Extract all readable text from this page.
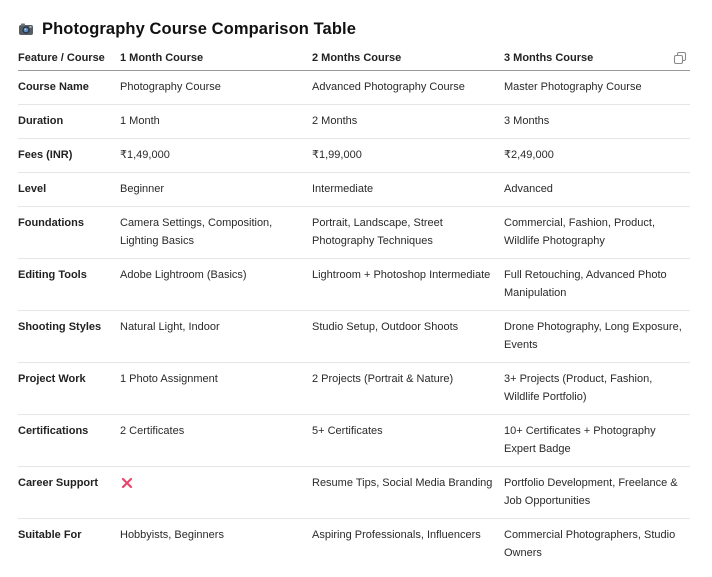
Photography Course Comparison Table
Feature / Course	1 Month Course	2 Months Course	3 Months Course
Course Name	Photography Course	Advanced Photography Course	Master Photography Course
Duration	1 Month	2 Months	3 Months
Fees (INR)	₹1,49,000	₹1,99,000	₹2,49,000
Level	Beginner	Intermediate	Advanced
Foundations	Camera Settings, Composition, Lighting Basics	Portrait, Landscape, Street Photography Techniques	Commercial, Fashion, Product, Wildlife Photography
Editing Tools	Adobe Lightroom (Basics)	Lightroom + Photoshop Intermediate	Full Retouching, Advanced Photo Manipulation
Shooting Styles	Natural Light, Indoor	Studio Setup, Outdoor Shoots	Drone Photography, Long Exposure, Events
Project Work	1 Photo Assignment	2 Projects (Portrait & Nature)	3+ Projects (Product, Fashion, Wildlife Portfolio)
Certifications	2 Certificates	5+ Certificates	10+ Certificates + Photography Expert Badge
Career Support		Resume Tips, Social Media Branding	Portfolio Development, Freelance & Job Opportunities
Suitable For	Hobbyists, Beginners	Aspiring Professionals, Influencers	Commercial Photographers, Studio Owners
